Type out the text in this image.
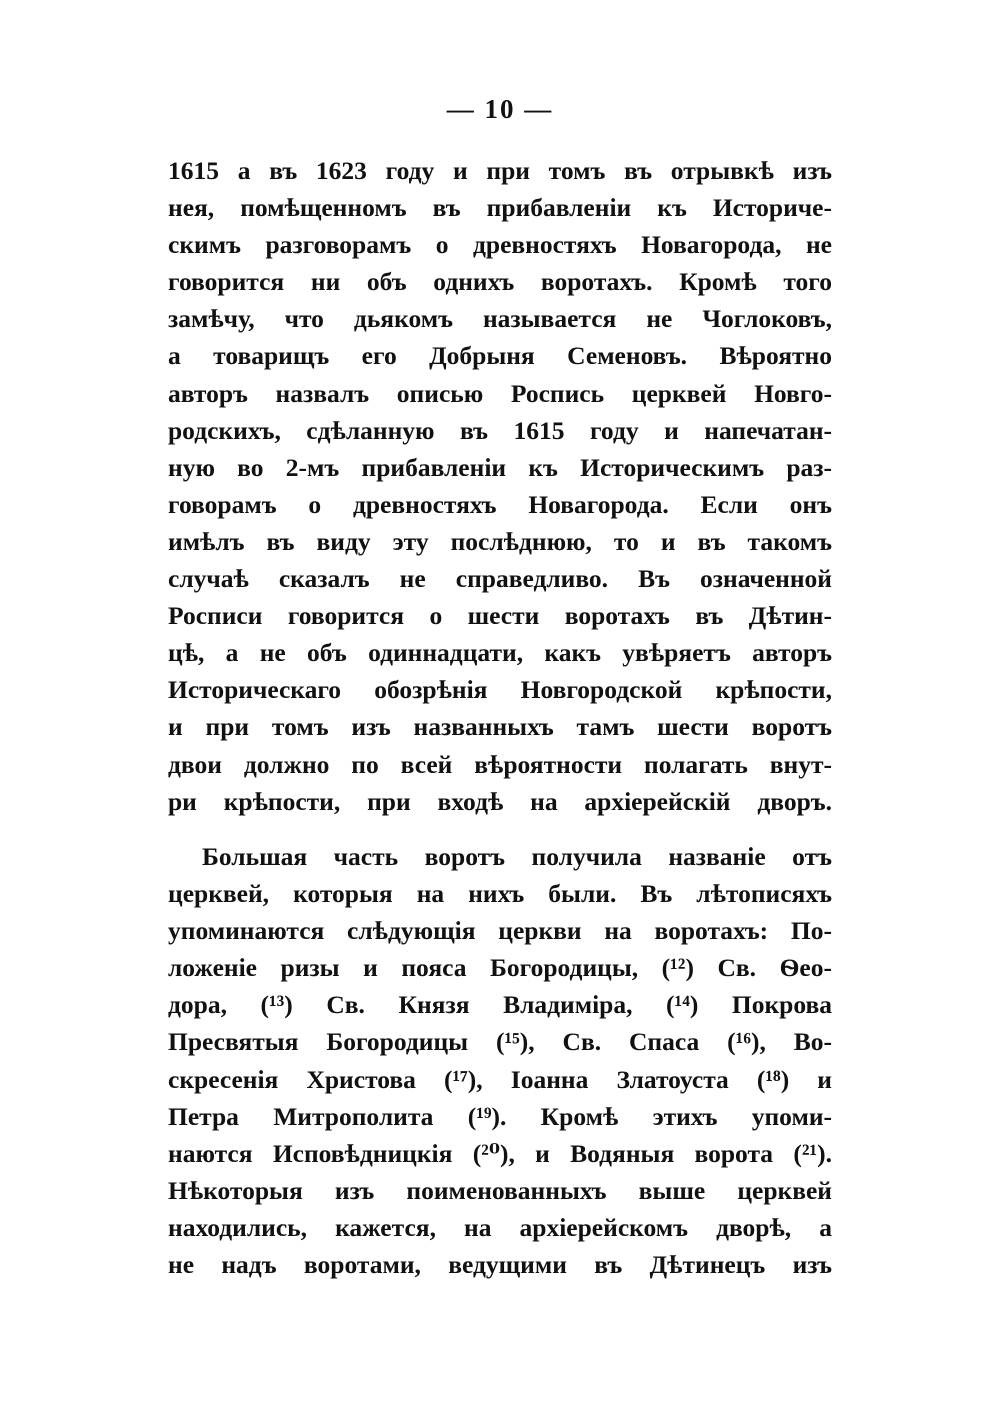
— 10 —
1615 а въ 1623 году и при томъ въ отрывкѣ изъ
нея, помѣщенномъ въ прибавленіи къ Историче-
скимъ разговорамъ о древностяхъ Новагорода, не
говорится ни объ однихъ воротахъ. Кромѣ того
замѣчу, что дьякомъ называется не Чоглоковъ,
а товарищъ его Добрыня Семеновъ. Вѣроятно
авторъ назвалъ описью Роспись церквей Новго-
родскихъ, сдѣланную въ 1615 году и напечатан-
ную во 2-мъ прибавленіи къ Историческимъ раз-
говорамъ о древностяхъ Новагорода. Если онъ
имѣлъ въ виду эту послѣднюю, то и въ такомъ
случаѣ сказалъ не справедливо. Въ означенной
Росписи говорится о шести воротахъ въ Дѣтин-
цѣ, а не объ одиннадцати, какъ увѣряетъ авторъ
Историческаго обозрѣнія Новгородской крѣпости,
и при томъ изъ названныхъ тамъ шести воротъ
двои должно по всей вѣроятности полагать внут-
ри крѣпости, при входѣ на архіерейскій дворъ.
Большая часть воротъ получила названіе отъ
церквей, которыя на нихъ были. Въ лѣтописяхъ
упоминаются слѣдующія церкви на воротахъ: По-
ложеніе ризы и пояса Богородицы, (¹²) Св. Ѳео-
дора, (¹³) Св. Князя Владиміра, (¹⁴) Покрова
Пресвятыя Богородицы (¹⁵), Св. Спаса (¹⁶), Во-
скресенія Христова (¹⁷), Іоанна Златоуста (¹⁸) и
Петра Митрополита (¹⁹). Кромѣ этихъ упоми-
наются Исповѣдницкія (²⁰), и Водяныя ворота (²¹).
Нѣкоторыя изъ поименованныхъ выше церквей
находились, кажется, на архіерейскомъ дворѣ, а
не надъ воротами, ведущими въ Дѣтинецъ изъ
